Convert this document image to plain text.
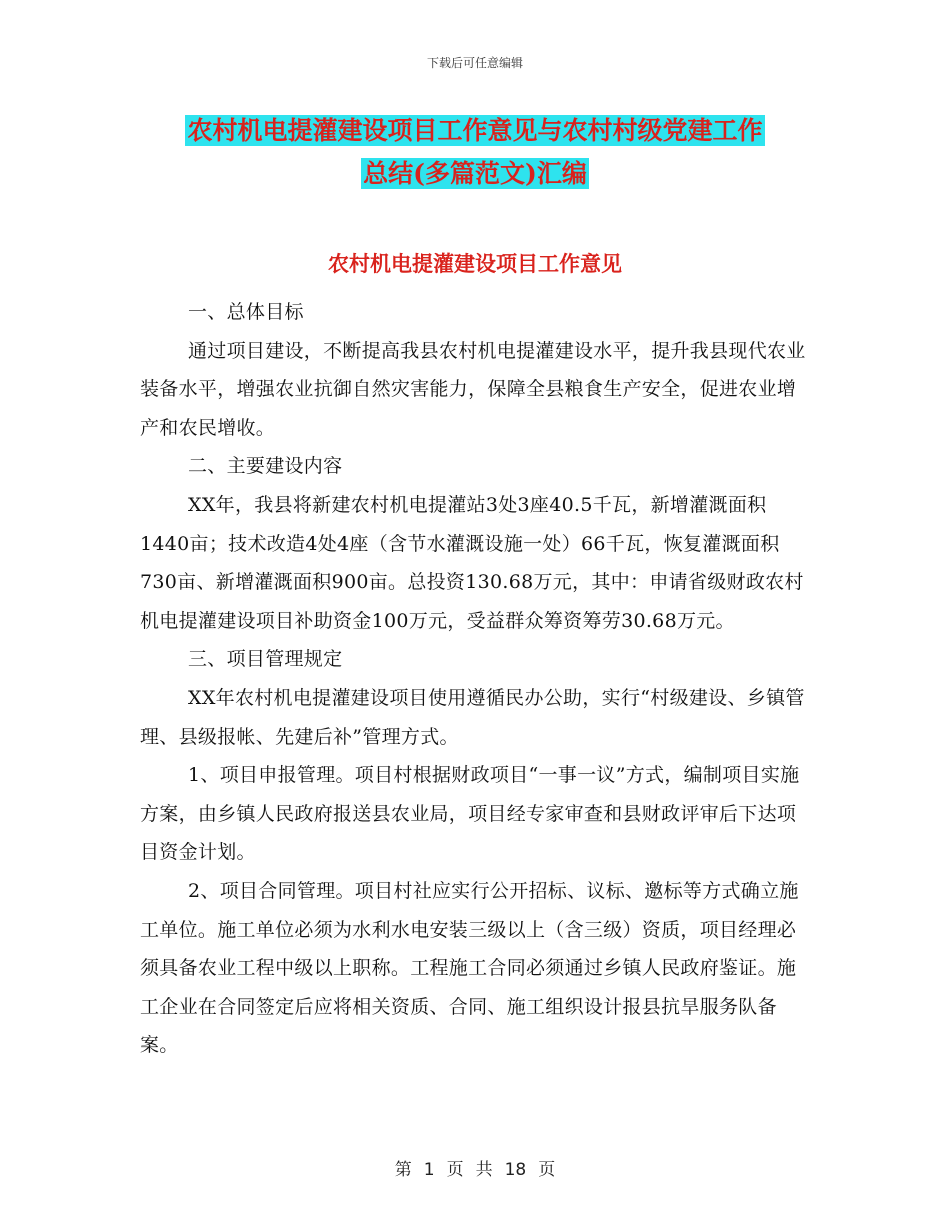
下载后可任意编辑
农村机电提灌建设项目工作意见与农村村级党建工作
总结(多篇范文)汇编
农村机电提灌建设项目工作意见

一、总体目标

通过项目建设，不断提高我县农村机电提灌建设水平，提升我县现代农业装备水平，增强农业抗御自然灾害能力，保障全县粮食生产安全，促进农业增产和农民增收。

二、主要建设内容

XX年，我县将新建农村机电提灌站3处3座40.5千瓦，新增灌溉面积1440亩；技术改造4处4座（含节水灌溉设施一处）66千瓦，恢复灌溉面积730亩、新增灌溉面积900亩。总投资130.68万元，其中：申请省级财政农村机电提灌建设项目补助资金100万元，受益群众筹资筹劳30.68万元。

三、项目管理规定

XX年农村机电提灌建设项目使用遵循民办公助，实行“村级建设、乡镇管理、县级报帐、先建后补”管理方式。

1、项目申报管理。项目村根据财政项目“一事一议”方式，编制项目实施方案，由乡镇人民政府报送县农业局，项目经专家审查和县财政评审后下达项目资金计划。

2、项目合同管理。项目村社应实行公开招标、议标、邀标等方式确立施工单位。施工单位必须为水利水电安装三级以上（含三级）资质，项目经理必须具备农业工程中级以上职称。工程施工合同必须通过乡镇人民政府鉴证。施工企业在合同签定后应将相关资质、合同、施工组织设计报县抗旱服务队备案。

第 1 页 共 18 页
